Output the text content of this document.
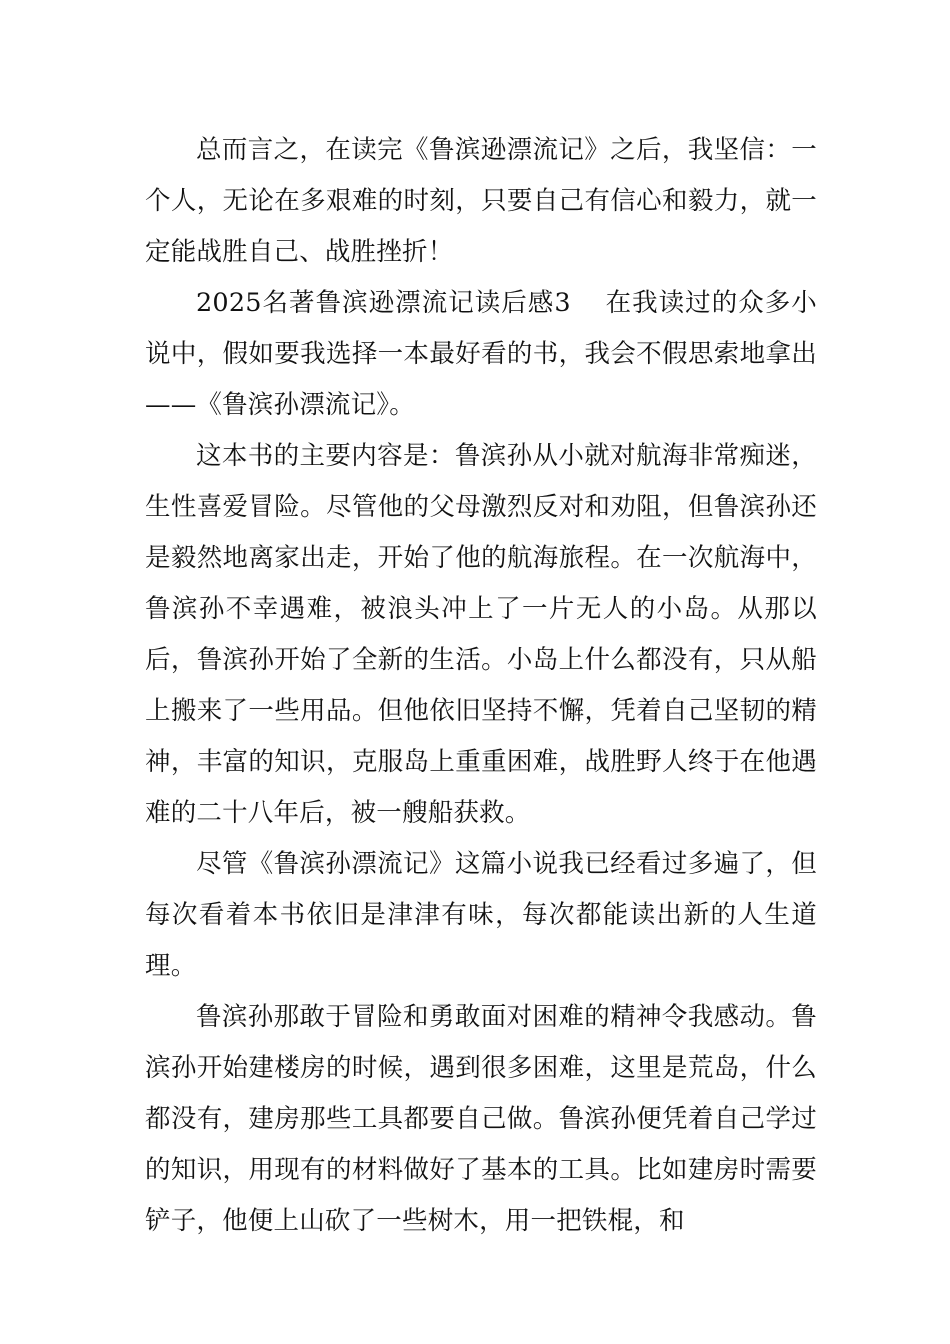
总而言之，在读完《鲁滨逊漂流记》之后，我坚信：一个人，无论在多艰难的时刻，只要自己有信心和毅力，就一定能战胜自己、战胜挫折！

2025名著鲁滨逊漂流记读后感3 在我读过的众多小说中，假如要我选择一本最好看的书，我会不假思索地拿出——《鲁滨孙漂流记》。

这本书的主要内容是：鲁滨孙从小就对航海非常痴迷，生性喜爱冒险。尽管他的父母激烈反对和劝阻，但鲁滨孙还是毅然地离家出走，开始了他的航海旅程。在一次航海中，鲁滨孙不幸遇难，被浪头冲上了一片无人的小岛。从那以后，鲁滨孙开始了全新的生活。小岛上什么都没有，只从船上搬来了一些用品。但他依旧坚持不懈，凭着自己坚韧的精神，丰富的知识，克服岛上重重困难，战胜野人终于在他遇难的二十八年后，被一艘船获救。

尽管《鲁滨孙漂流记》这篇小说我已经看过多遍了，但每次看着本书依旧是津津有味，每次都能读出新的人生道理。

鲁滨孙那敢于冒险和勇敢面对困难的精神令我感动。鲁滨孙开始建楼房的时候，遇到很多困难，这里是荒岛，什么都没有，建房那些工具都要自己做。鲁滨孙便凭着自己学过的知识，用现有的材料做好了基本的工具。比如建房时需要铲子，他便上山砍了一些树木，用一把铁棍，和
